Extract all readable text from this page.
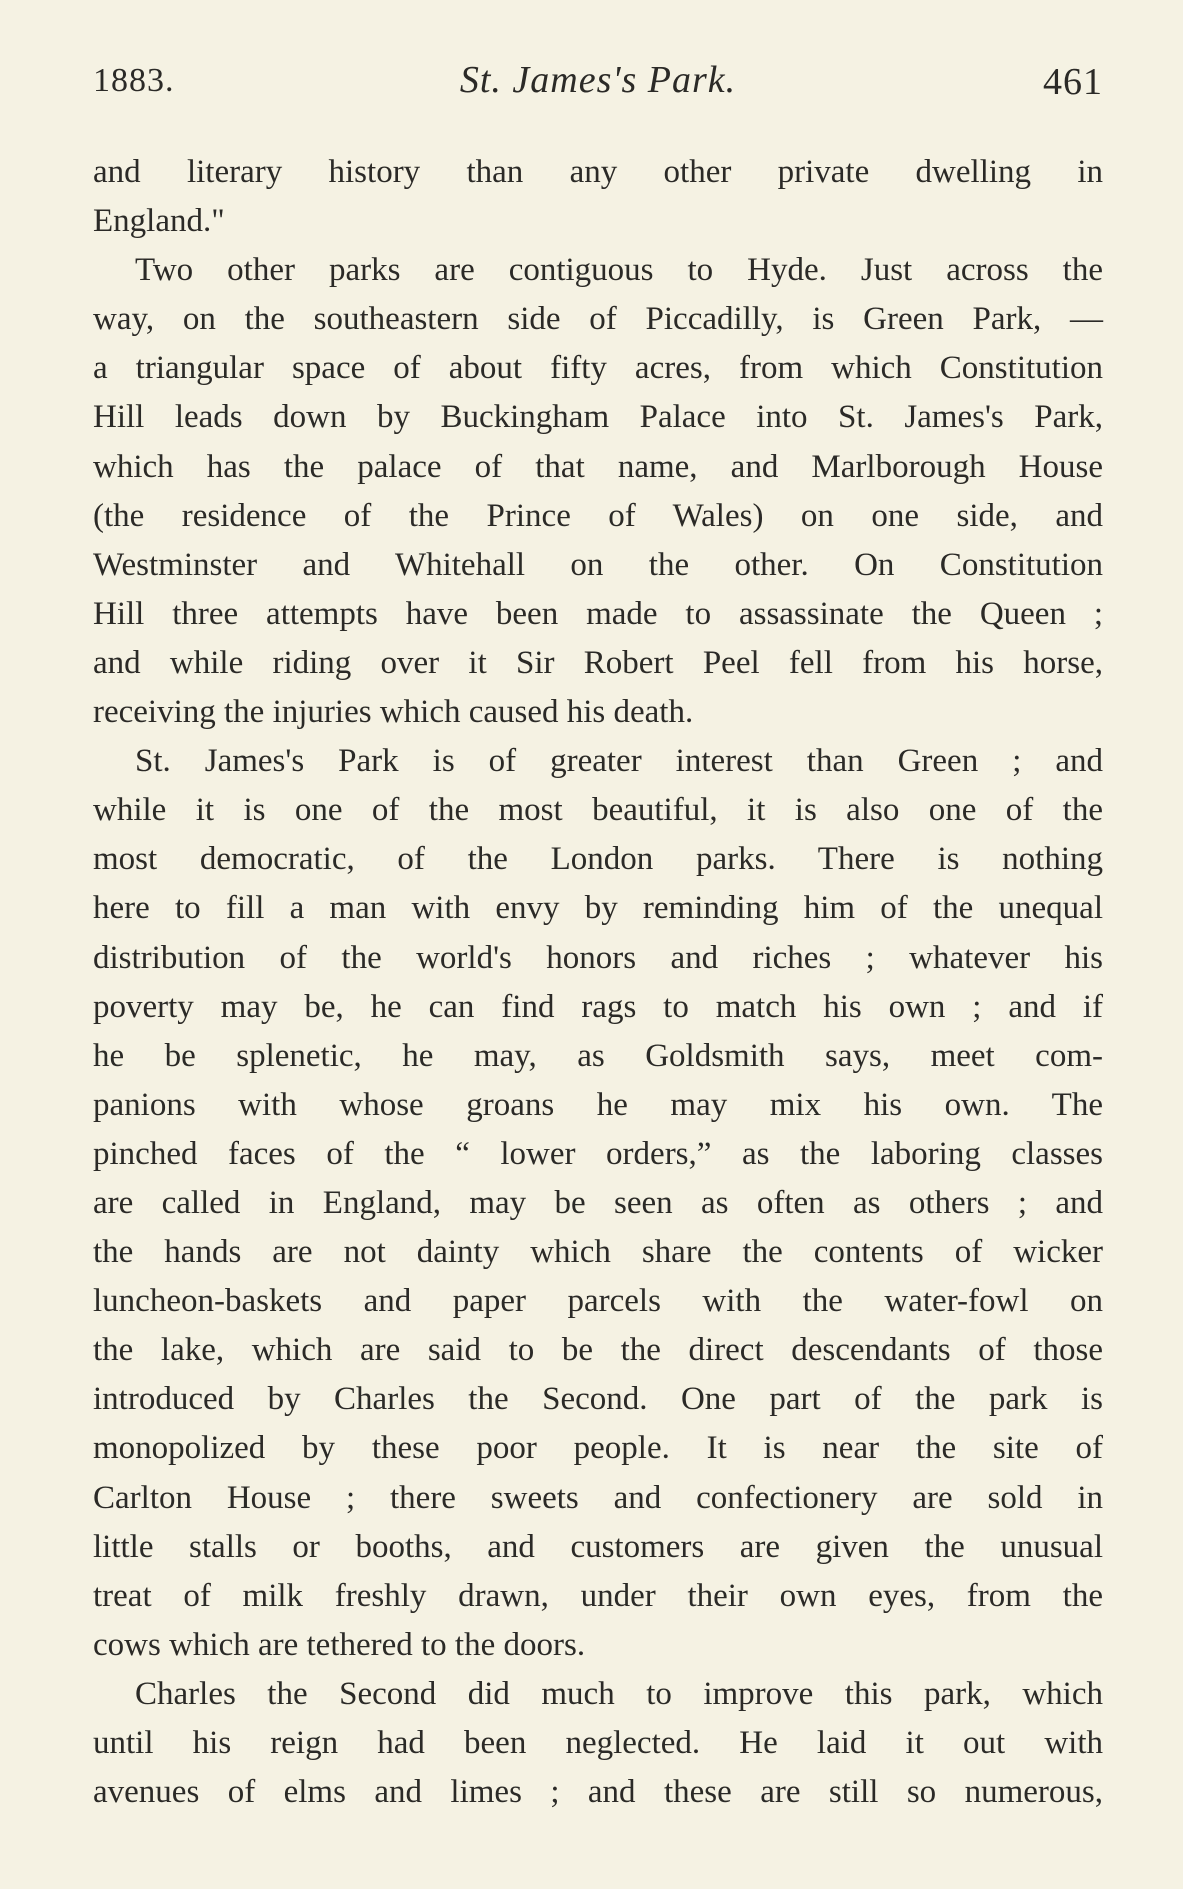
1883.	St. James's Park.	461
and literary history than any other private dwelling in
England."
Two other parks are contiguous to Hyde. Just across the
way, on the southeastern side of Piccadilly, is Green Park, —
a triangular space of about fifty acres, from which Constitution
Hill leads down by Buckingham Palace into St. James's Park,
which has the palace of that name, and Marlborough House
(the residence of the Prince of Wales) on one side, and
Westminster and Whitehall on the other. On Constitution
Hill three attempts have been made to assassinate the Queen ;
and while riding over it Sir Robert Peel fell from his horse,
receiving the injuries which caused his death.
St. James's Park is of greater interest than Green ; and
while it is one of the most beautiful, it is also one of the
most democratic, of the London parks. There is nothing
here to fill a man with envy by reminding him of the unequal
distribution of the world's honors and riches ; whatever his
poverty may be, he can find rags to match his own ; and if
he be splenetic, he may, as Goldsmith says, meet com-
panions with whose groans he may mix his own. The
pinched faces of the “ lower orders,” as the laboring classes
are called in England, may be seen as often as others ; and
the hands are not dainty which share the contents of wicker
luncheon-baskets and paper parcels with the water-fowl on
the lake, which are said to be the direct descendants of those
introduced by Charles the Second. One part of the park is
monopolized by these poor people. It is near the site of
Carlton House ; there sweets and confectionery are sold in
little stalls or booths, and customers are given the unusual
treat of milk freshly drawn, under their own eyes, from the
cows which are tethered to the doors.
Charles the Second did much to improve this park, which
until his reign had been neglected. He laid it out with
avenues of elms and limes ; and these are still so numerous,
